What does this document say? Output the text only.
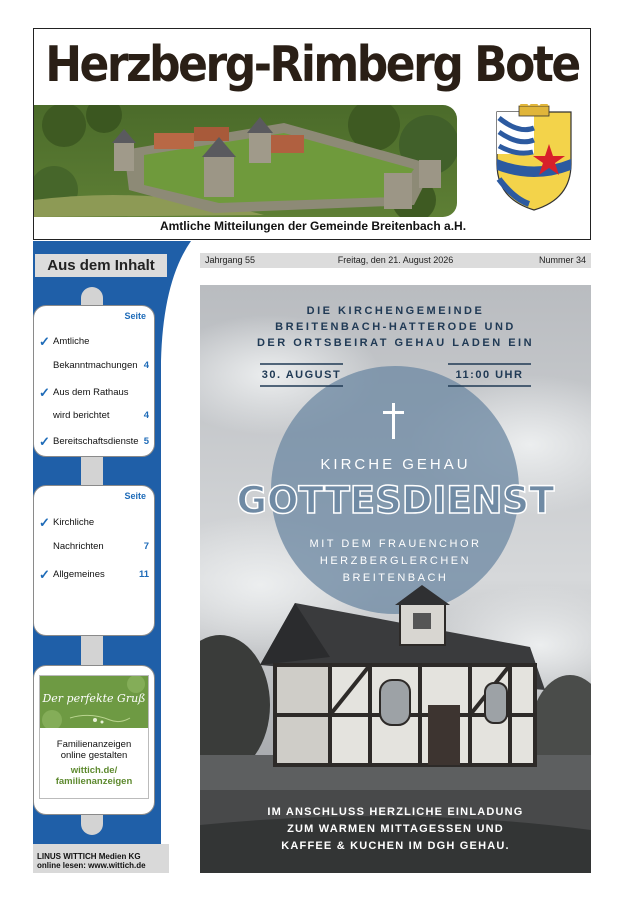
Herzberg-Rimberg Bote
Amtliche Mitteilungen der Gemeinde Breitenbach a.H.
Aus dem Inhalt
Seite
✓ Amtliche
Bekanntmachungen 4
✓ Aus dem Rathaus
wird berichtet	4
✓ Bereitschaftsdienste 5
Seite
✓ Kirchliche
Nachrichten	7
✓ Allgemeines	11
Der perfekte Gruß
Familienanzeigen
online gestalten
wittich.de/
familienanzeigen
LINUS WITTICH Medien KG
online lesen: www.wittich.de
Jahrgang 55	Freitag, den 21. August 2026	Nummer 34
DIE KIRCHENGEMEINDE
BREITENBACH-HATTERODE UND
DER ORTSBEIRAT GEHAU LADEN EIN
30. AUGUST	11:00 UHR
KIRCHE GEHAU
GOTTESDIENST
MIT DEM FRAUENCHOR
HERZBERGLERCHEN
BREITENBACH
IM ANSCHLUSS HERZLICHE EINLADUNG
ZUM WARMEN MITTAGESSEN UND
KAFFEE & KUCHEN IM DGH GEHAU.
